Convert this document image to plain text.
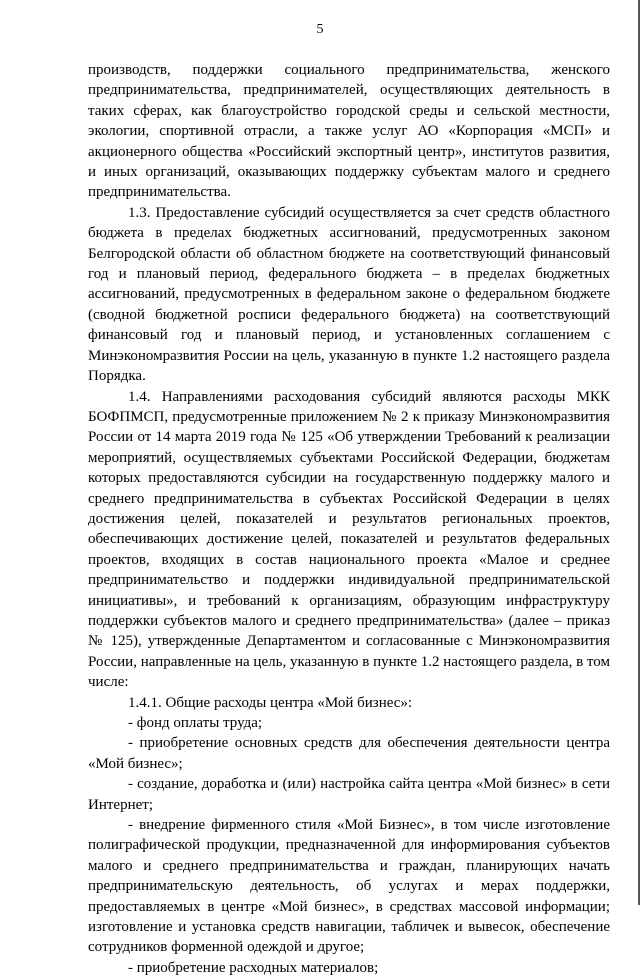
5

производств, поддержки социального предпринимательства, женского предпринимательства, предпринимателей, осуществляющих деятельность в таких сферах, как благоустройство городской среды и сельской местности, экологии, спортивной отрасли, а также услуг АО «Корпорация «МСП» и акционерного общества «Российский экспортный центр», институтов развития, и иных организаций, оказывающих поддержку субъектам малого и среднего предпринимательства.

1.3. Предоставление субсидий осуществляется за счет средств областного бюджета в пределах бюджетных ассигнований, предусмотренных законом Белгородской области об областном бюджете на соответствующий финансовый год и плановый период, федерального бюджета – в пределах бюджетных ассигнований, предусмотренных в федеральном законе о федеральном бюджете (сводной бюджетной росписи федерального бюджета) на соответствующий финансовый год и плановый период, и установленных соглашением с Минэкономразвития России на цель, указанную в пункте 1.2 настоящего раздела Порядка.

1.4. Направлениями расходования субсидий являются расходы МКК БОФПМСП, предусмотренные приложением № 2 к приказу Минэкономразвития России от 14 марта 2019 года № 125 «Об утверждении Требований к реализации мероприятий, осуществляемых субъектами Российской Федерации, бюджетам которых предоставляются субсидии на государственную поддержку малого и среднего предпринимательства в субъектах Российской Федерации в целях достижения целей, показателей и результатов региональных проектов, обеспечивающих достижение целей, показателей и результатов федеральных проектов, входящих в состав национального проекта «Малое и среднее предпринимательство и поддержки индивидуальной предпринимательской инициативы», и требований к организациям, образующим инфраструктуру поддержки субъектов малого и среднего предпринимательства» (далее – приказ № 125), утвержденные Департаментом и согласованные с Минэкономразвития России, направленные на цель, указанную в пункте 1.2 настоящего раздела, в том числе:

1.4.1. Общие расходы центра «Мой бизнес»:

- фонд оплаты труда;

- приобретение основных средств для обеспечения деятельности центра «Мой бизнес»;

- создание, доработка и (или) настройка сайта центра «Мой бизнес» в сети Интернет;

- внедрение фирменного стиля «Мой Бизнес», в том числе изготовление полиграфической продукции, предназначенной для информирования субъектов малого и среднего предпринимательства и граждан, планирующих начать предпринимательскую деятельность, об услугах и мерах поддержки, предоставляемых в центре «Мой бизнес», в средствах массовой информации; изготовление и установка средств навигации, табличек и вывесок, обеспечение сотрудников форменной одеждой и другое;

- приобретение расходных материалов;
